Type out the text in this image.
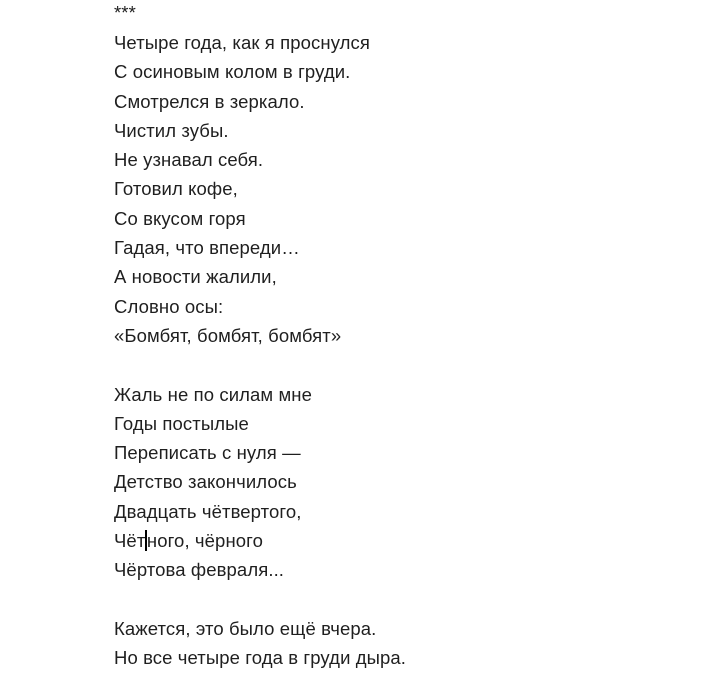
***
Четыре года, как я проснулся
С осиновым колом в груди.
Смотрелся в зеркало.
Чистил зубы.
Не узнавал себя.
Готовил кофе,
Со вкусом горя
Гадая, что впереди…
А новости жалили,
Словно осы:
«Бомбят, бомбят, бомбят»
Жаль не по силам мне
Годы постылые
Переписать с нуля —
Детство закончилось
Двадцать чётвертого,
Чётного, чёрного
Чёртова февраля...
Кажется, это было ещё вчера.
Но все четыре года в груди дыра.
